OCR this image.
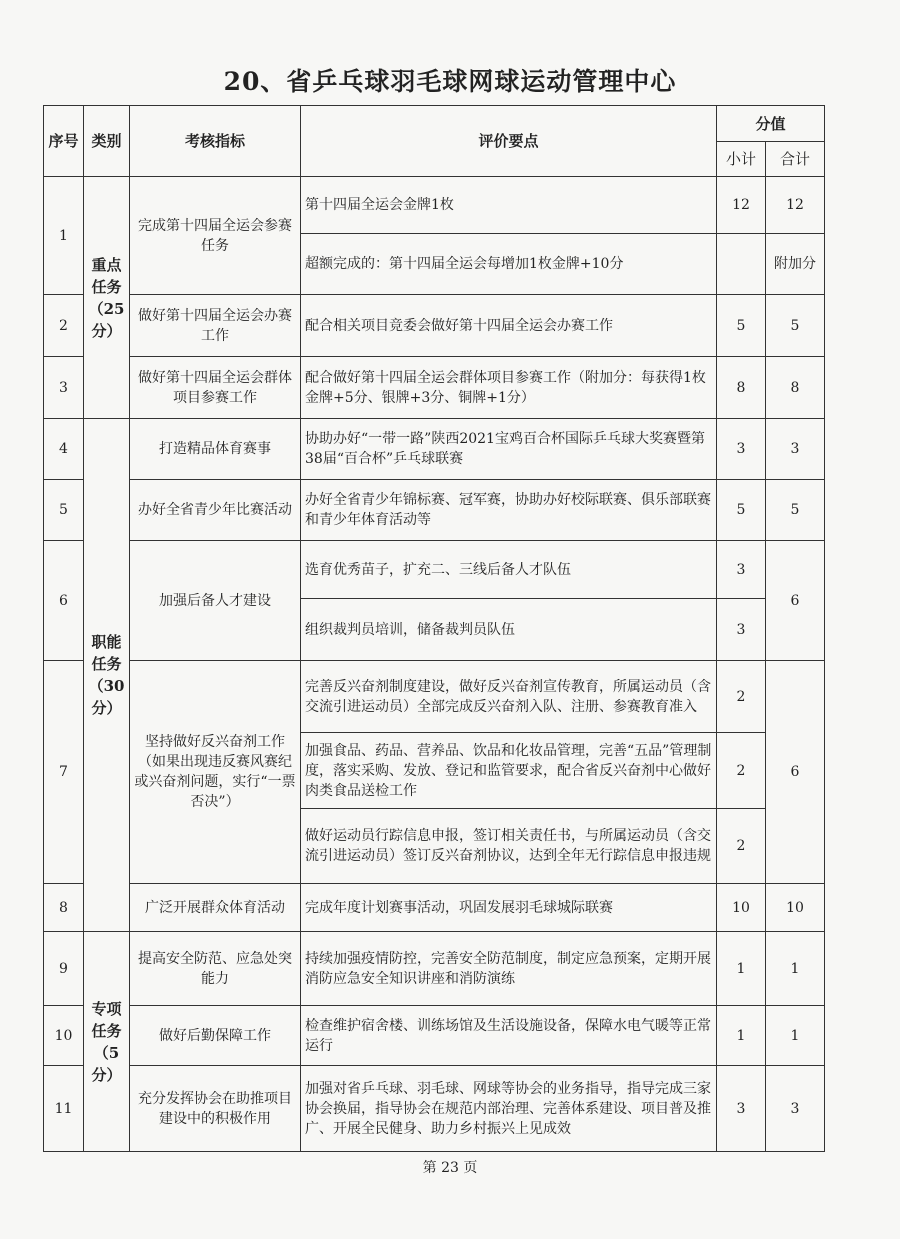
20、省乒乓球羽毛球网球运动管理中心
序号	类别	考核指标	评价要点	分值	
				小计	合计
1	重点任务（25分）	完成第十四届全运会参赛任务	第十四届全运会金牌1枚	12	12
			超额完成的：第十四届全运会每增加1枚金牌+10分		附加分
2		做好第十四届全运会办赛工作	配合相关项目竞委会做好第十四届全运会办赛工作	5	5
3		做好第十四届全运会群体项目参赛工作	配合做好第十四届全运会群体项目参赛工作（附加分：每获得1枚金牌+5分、银牌+3分、铜牌+1分）	8	8
4	职能任务（30分）	打造精品体育赛事	协助办好“一带一路”陕西2021宝鸡百合杯国际乒乓球大奖赛暨第38届“百合杯”乒乓球联赛	3	3
5		办好全省青少年比赛活动	办好全省青少年锦标赛、冠军赛，协助办好校际联赛、俱乐部联赛和青少年体育活动等	5	5
6		加强后备人才建设	选育优秀苗子，扩充二、三线后备人才队伍	3	6
			组织裁判员培训，储备裁判员队伍	3	
7		坚持做好反兴奋剂工作（如果出现违反赛风赛纪或兴奋剂问题，实行“一票否决”）	完善反兴奋剂制度建设，做好反兴奋剂宣传教育，所属运动员（含交流引进运动员）全部完成反兴奋剂入队、注册、参赛教育准入	2	6
			加强食品、药品、营养品、饮品和化妆品管理，完善“五品”管理制度，落实采购、发放、登记和监管要求，配合省反兴奋剂中心做好肉类食品送检工作	2	
			做好运动员行踪信息申报，签订相关责任书，与所属运动员（含交流引进运动员）签订反兴奋剂协议，达到全年无行踪信息申报违规	2	
8		广泛开展群众体育活动	完成年度计划赛事活动，巩固发展羽毛球城际联赛	10	10
9	专项任务（5分）	提高安全防范、应急处突能力	持续加强疫情防控，完善安全防范制度，制定应急预案，定期开展消防应急安全知识讲座和消防演练	1	1
10		做好后勤保障工作	检查维护宿舍楼、训练场馆及生活设施设备，保障水电气暖等正常运行	1	1
11		充分发挥协会在助推项目建设中的积极作用	加强对省乒乓球、羽毛球、网球等协会的业务指导，指导完成三家协会换届，指导协会在规范内部治理、完善体系建设、项目普及推广、开展全民健身、助力乡村振兴上见成效	3	3
第 23 页
